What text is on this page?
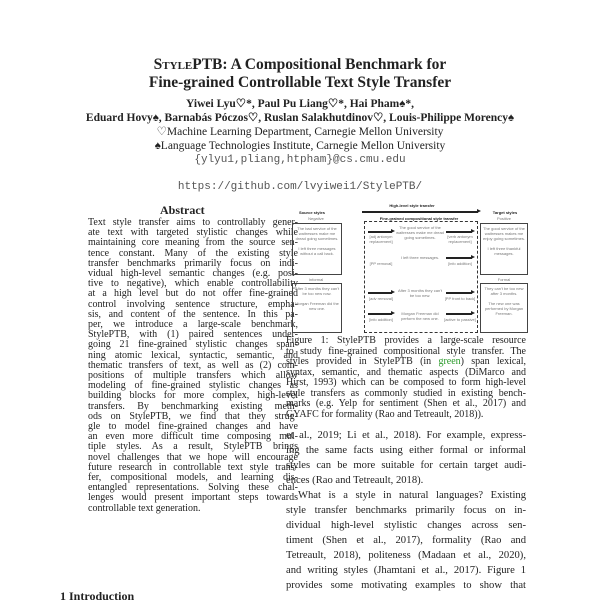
StylePTB: A Compositional Benchmark for
Fine-grained Controllable Text Style Transfer
Yiwei Lyu♡*, Paul Pu Liang♡*, Hai Pham♠*,
Eduard Hovy♠, Barnabás Póczos♡, Ruslan Salakhutdinov♡, Louis-Philippe Morency♠
♡Machine Learning Department, Carnegie Mellon University
♠Language Technologies Institute, Carnegie Mellon University
{ylyu1,pliang,htpham}@cs.cmu.edu
https://github.com/lvyiwei1/StylePTB/
Abstract
Text style transfer aims to controllably gener-
ate text with targeted stylistic changes while
maintaining core meaning from the source sen-
tence constant. Many of the existing style
transfer benchmarks primarily focus on indi-
vidual high-level semantic changes (e.g. posi-
tive to negative), which enable controllability
at a high level but do not offer fine-grained
control involving sentence structure, empha-
sis, and content of the sentence. In this pa-
per, we introduce a large-scale benchmark,
StylePTB, with (1) paired sentences under-
going 21 fine-grained stylistic changes span-
ning atomic lexical, syntactic, semantic, and
thematic transfers of text, as well as (2) com-
positions of multiple transfers which allow
modeling of fine-grained stylistic changes as
building blocks for more complex, high-level
transfers. By benchmarking existing meth-
ods on StylePTB, we find that they strug-
gle to model fine-grained changes and have
an even more difficult time composing mul-
tiple styles. As a result, StylePTB brings
novel challenges that we hope will encourage
future research in controllable text style trans-
fer, compositional models, and learning dis-
entangled representations. Solving these chal-
lenges would present important steps towards
controllable text generation.
1 Introduction
High-level style transfer
Source styles	Target styles
Fine-grained compositional style transfer
Negative	Positive
The bad service of the waitresses make me dread going sometimes.

I left three messages without a call back.
The good service of the waitresses makes me enjoy going sometimes.

I left three thankful messages.
The good service of the waitresses make me dread going sometimes.
I left three messages.
[adj antonym replacement]
[verb antonym replacement]
[PP removal]	[info addition]
Informal	Formal
After 3 months they can't be too new now.

Morgan Freeman did the new one.
They can't be too new after 3 months.

The new one was performed by Morgan Freeman.
After 3 months they can't be too new.
Morgan Freeman did perform the new one.
[adv removal]	[PP front to back]
[info addition]	[active to passive]
Figure 1: StylePTB provides a large-scale resource
to study fine-grained compositional style transfer. The
styles provided in StylePTB (in green) span lexical,
syntax, semantic, and thematic aspects (DiMarco and
Hirst, 1993) which can be composed to form high-level
style transfers as commonly studied in existing bench-
marks (e.g. Yelp for sentiment (Shen et al., 2017) and
GYAFC for formality (Rao and Tetreault, 2018)).
et al., 2019; Li et al., 2018). For example, express-
ing the same facts using either formal or informal
styles can be more suitable for certain target audi-
ences (Rao and Tetreault, 2018).
What is a style in natural languages? Existing
style transfer benchmarks primarily focus on in-
dividual high-level stylistic changes across sen-
timent (Shen et al., 2017), formality (Rao and
Tetreault, 2018), politeness (Madaan et al., 2020),
and writing styles (Jhamtani et al., 2017). Figure 1
provides some motivating examples to show that
